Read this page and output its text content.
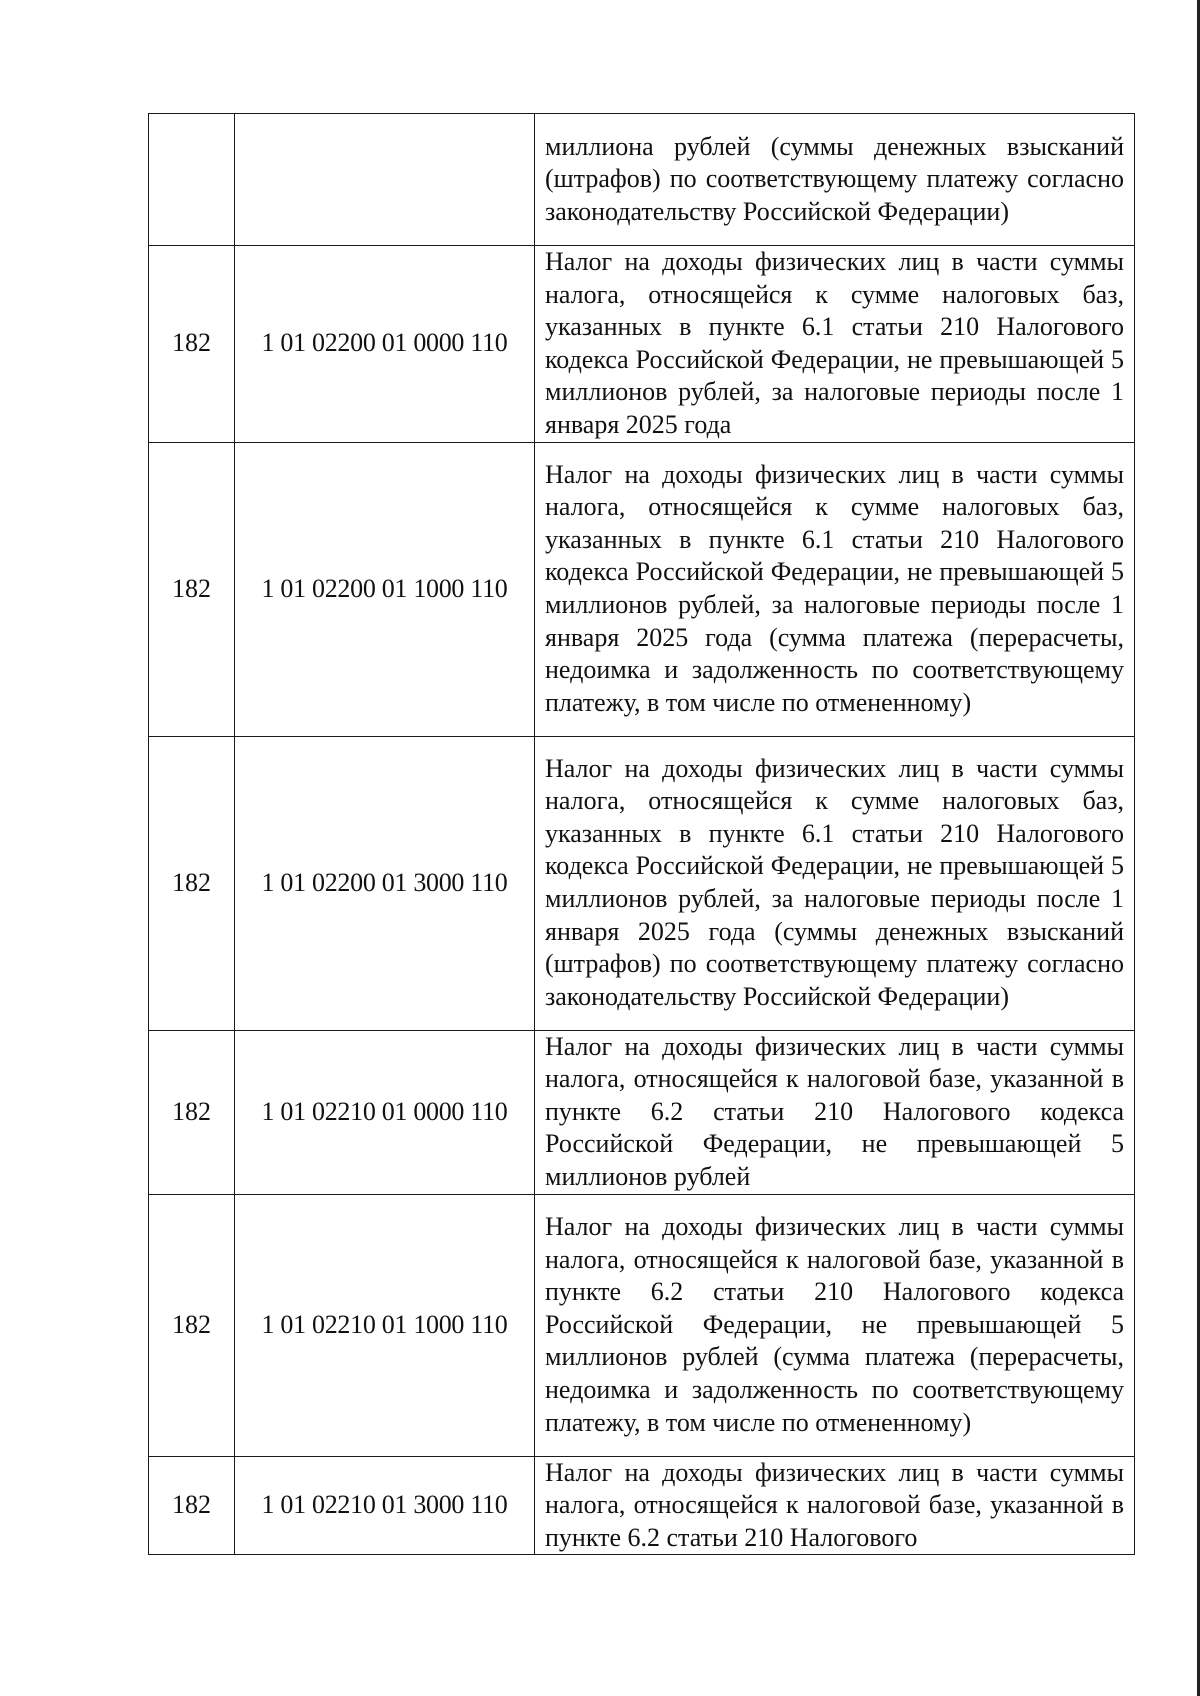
		миллиона рублей (суммы денежных взысканий (штрафов) по соответствующему платежу согласно законодательству Российской Федерации)

182	1 01 02200 01 0000 110	Налог на доходы физических лиц в части суммы налога, относящейся к сумме налоговых баз, указанных в пункте 6.1 статьи 210 Налогового кодекса Российской Федерации, не превышающей 5 миллионов рублей, за налоговые периоды после 1 января 2025 года

182	1 01 02200 01 1000 110	Налог на доходы физических лиц в части суммы налога, относящейся к сумме налоговых баз, указанных в пункте 6.1 статьи 210 Налогового кодекса Российской Федерации, не превышающей 5 миллионов рублей, за налоговые периоды после 1 января 2025 года (сумма платежа (перерасчеты, недоимка и задолженность по соответствующему платежу, в том числе по отмененному)

182	1 01 02200 01 3000 110	Налог на доходы физических лиц в части суммы налога, относящейся к сумме налоговых баз, указанных в пункте 6.1 статьи 210 Налогового кодекса Российской Федерации, не превышающей 5 миллионов рублей, за налоговые периоды после 1 января 2025 года (суммы денежных взысканий (штрафов) по соответствующему платежу согласно законодательству Российской Федерации)

182	1 01 02210 01 0000 110	Налог на доходы физических лиц в части суммы налога, относящейся к налоговой базе, указанной в пункте 6.2 статьи 210 Налогового кодекса Российской Федерации, не превышающей 5 миллионов рублей

182	1 01 02210 01 1000 110	Налог на доходы физических лиц в части суммы налога, относящейся к налоговой базе, указанной в пункте 6.2 статьи 210 Налогового кодекса Российской Федерации, не превышающей 5 миллионов рублей (сумма платежа (перерасчеты, недоимка и задолженность по соответствующему платежу, в том числе по отмененному)

182	1 01 02210 01 3000 110	Налог на доходы физических лиц в части суммы налога, относящейся к налоговой базе, указанной в пункте 6.2 статьи 210 Налогового
